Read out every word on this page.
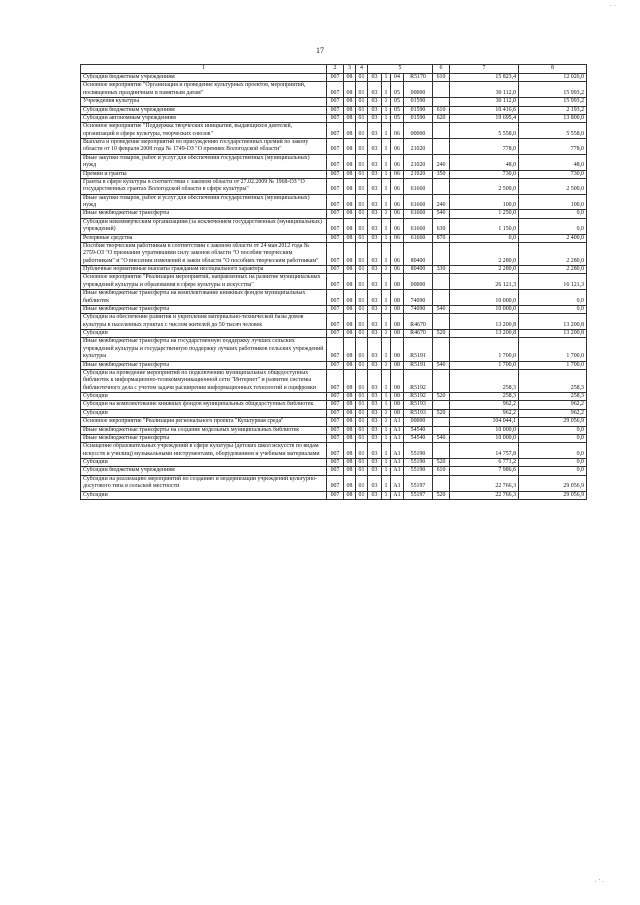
· ·
17
1	2	3	4	5				6	7	8
Субсидии бюджетным учреждениям	007	08	01	03	1	04	R5170	610	15 823,4	12 026,0
Основное мероприятие "Организация и проведение культурных проектов, мероприятий, посвященных праздничным и памятным датам"	007	08	01	03	1	05	00000		30 112,0	15 993,2
Учреждения культуры	007	08	01	03	1	05	01590		30 112,0	15 993,2
Субсидии бюджетным учреждениям	007	08	01	03	1	05	01590	610	10 416,6	2 193,2
Субсидии автономным учреждениям	007	08	01	03	1	05	01590	620	19 695,4	13 800,0
Основное мероприятие "Поддержка творческих инициатив, выдающихся деятелей, организаций в сфере культуры, творческих союзов"	007	08	01	03	1	06	00000		5 558,0	5 558,0
Выплата и проведение мероприятий по присуждению государственных премий по закону области от 10 февраля 2008 года № 1749-ОЗ "О премиях Вологодской области"	007	08	01	03	1	06	21020		778,0	778,0
Иные закупки товаров, работ и услуг для обеспечения государственных (муниципальных) нужд	007	08	01	03	1	06	21020	240	48,0	48,0
Премии и гранты	007	08	01	03	1	06	21020	350	730,0	730,0
Гранты в сфере культуры в соответствии с законом области от 27.02.2009 № 1968-ОЗ "О государственных грантах Вологодской области в сфере культуры"	007	08	01	03	1	06	61660		2 500,0	2 500,0
Иные закупки товаров, работ и услуг для обеспечения государственных (муниципальных) нужд	007	08	01	03	1	06	61660	240	100,0	100,0
Иные межбюджетные трансферты	007	08	01	03	1	06	61660	540	1 250,0	0,0
Субсидии некоммерческим организациям (за исключением государственных (муниципальных) учреждений)	007	08	01	03	1	06	61660	630	1 150,0	0,0
Резервные средства	007	08	01	03	1	06	61660	870	0,0	2 400,0
Пособия творческим работникам в соответствии с законом области от 24 мая 2012 года № 2759-ОЗ "О признании утратившими силу законов области "О пособии творческим работникам" и "О внесении изменений в закон области "О пособиях творческим работникам"	007	08	01	03	1	06	80400		2 280,0	2 280,0
Публичные нормативные выплаты гражданам несоциального характера	007	08	01	03	1	06	80400	330	2 280,0	2 280,0
Основное мероприятие "Реализация мероприятий, направленных на развитие муниципальных учреждений культуры и образования в сфере культуры и искусства"	007	08	01	03	1	08	00000		26 121,3	16 121,3
Иные межбюджетные трансферты на комплектование книжных фондов муниципальных библиотек	007	08	01	03	1	08	74090		10 000,0	0,0
Иные межбюджетные трансферты	007	08	01	03	1	08	74090	540	10 000,0	0,0
Субсидии на обеспечение развития и укрепления материально-технической базы домов культуры в населенных пунктах с числом жителей до 50 тысяч человек	007	08	01	03	1	08	R4670		13 200,8	13 200,8
Субсидии	007	08	01	03	1	08	R4670	520	13 200,8	13 200,8
Иные межбюджетные трансферты на государственную поддержку лучших сельских учреждений культуры и государственную поддержку лучших работников сельских учреждений культуры	007	08	01	03	1	08	R5191		1 700,0	1 700,0
Иные межбюджетные трансферты	007	08	01	03	1	08	R5191	540	1 700,0	1 700,0
Субсидии на проведение мероприятий по подключению муниципальных общедоступных библиотек к информационно-телекоммуникационной сети "Интернет" и развитие системы библиотечного дела с учетом задачи расширения информационных технологий и оцифровки	007	08	01	03	1	08	R5192		258,3	258,3
Субсидии	007	08	01	03	1	08	R5192	520	258,3	258,3
Субсидии на комплектование книжных фондов муниципальных общедоступных библиотек	007	08	01	03	1	08	R5193		962,2	962,2
Субсидии	007	08	01	03	1	08	R5193	520	962,2	962,2
Основное мероприятие "Реализация регионального проекта "Культурная среда"	007	08	01	03	1	A1	00000		104 044,1	29 056,9
Иные межбюджетные трансферты на создание модельных муниципальных библиотек	007	08	01	03	1	A1	54540		10 000,0	0,0
Иные межбюджетные трансферты	007	08	01	03	1	A1	54540	540	10 000,0	0,0
Оснащение образовательных учреждений в сфере культуры (детских школ искусств по видам искусств и училищ) музыкальными инструментами, оборудованием и учебными материалами	007	08	01	03	1	A1	55190		14 757,8	0,0
Субсидии	007	08	01	03	1	A1	55190	520	6 771,2	0,0
Субсидии бюджетным учреждениям	007	08	01	03	1	A1	55190	610	7 986,6	0,0
Субсидии на реализацию мероприятий по созданию и модернизации учреждений культурно-досугового типа в сельской местности	007	08	01	03	1	A1	55197		22 766,3	29 056,9
Субсидии	007	08	01	03	1	A1	55197	520	22 766,3	29 056,9
. · .
